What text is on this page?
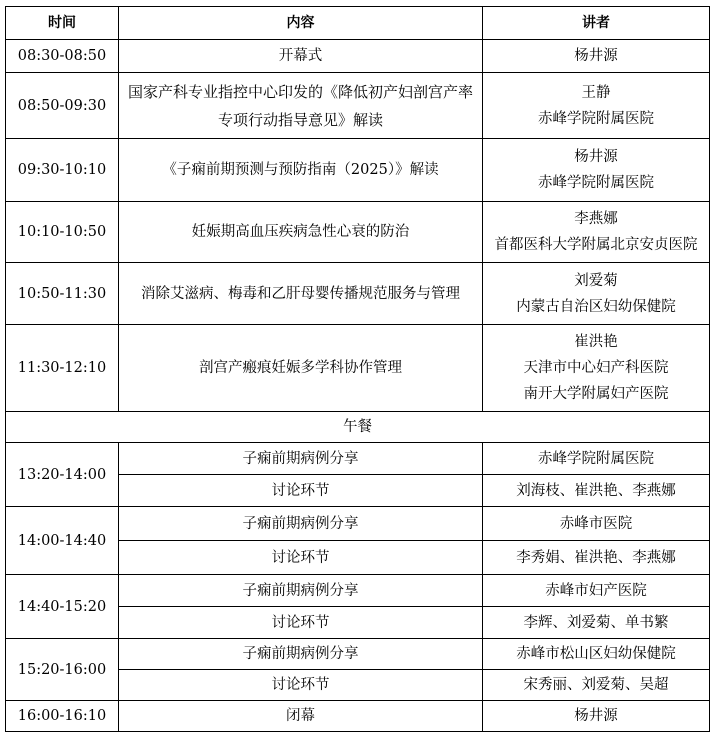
时间	内容	讲者
08:30-08:50	开幕式	杨井源

08:50-09:30	国家产科专业指控中心印发的《降低初产妇剖宫产率专项行动指导意见》解读	王静
赤峰学院附属医院

09:30-10:10	《子痫前期预测与预防指南（2025）》解读	杨井源
赤峰学院附属医院

10:10-10:50	妊娠期高血压疾病急性心衰的防治	李燕娜
首都医科大学附属北京安贞医院

10:50-11:30	消除艾滋病、梅毒和乙肝母婴传播规范服务与管理	刘爱菊
内蒙古自治区妇幼保健院

11:30-12:10	剖宫产瘢痕妊娠多学科协作管理	崔洪艳
天津市中心妇产科医院
南开大学附属妇产医院

午餐		
13:20-14:00	子痫前期病例分享	赤峰学院附属医院
	讨论环节	刘海枝、崔洪艳、李燕娜
14:00-14:40	子痫前期病例分享	赤峰市医院
	讨论环节	李秀娟、崔洪艳、李燕娜
14:40-15:20	子痫前期病例分享	赤峰市妇产医院
	讨论环节	李辉、刘爱菊、单书繁
15:20-16:00	子痫前期病例分享	赤峰市松山区妇幼保健院
	讨论环节	宋秀丽、刘爱菊、吴超
16:00-16:10	闭幕	杨井源
